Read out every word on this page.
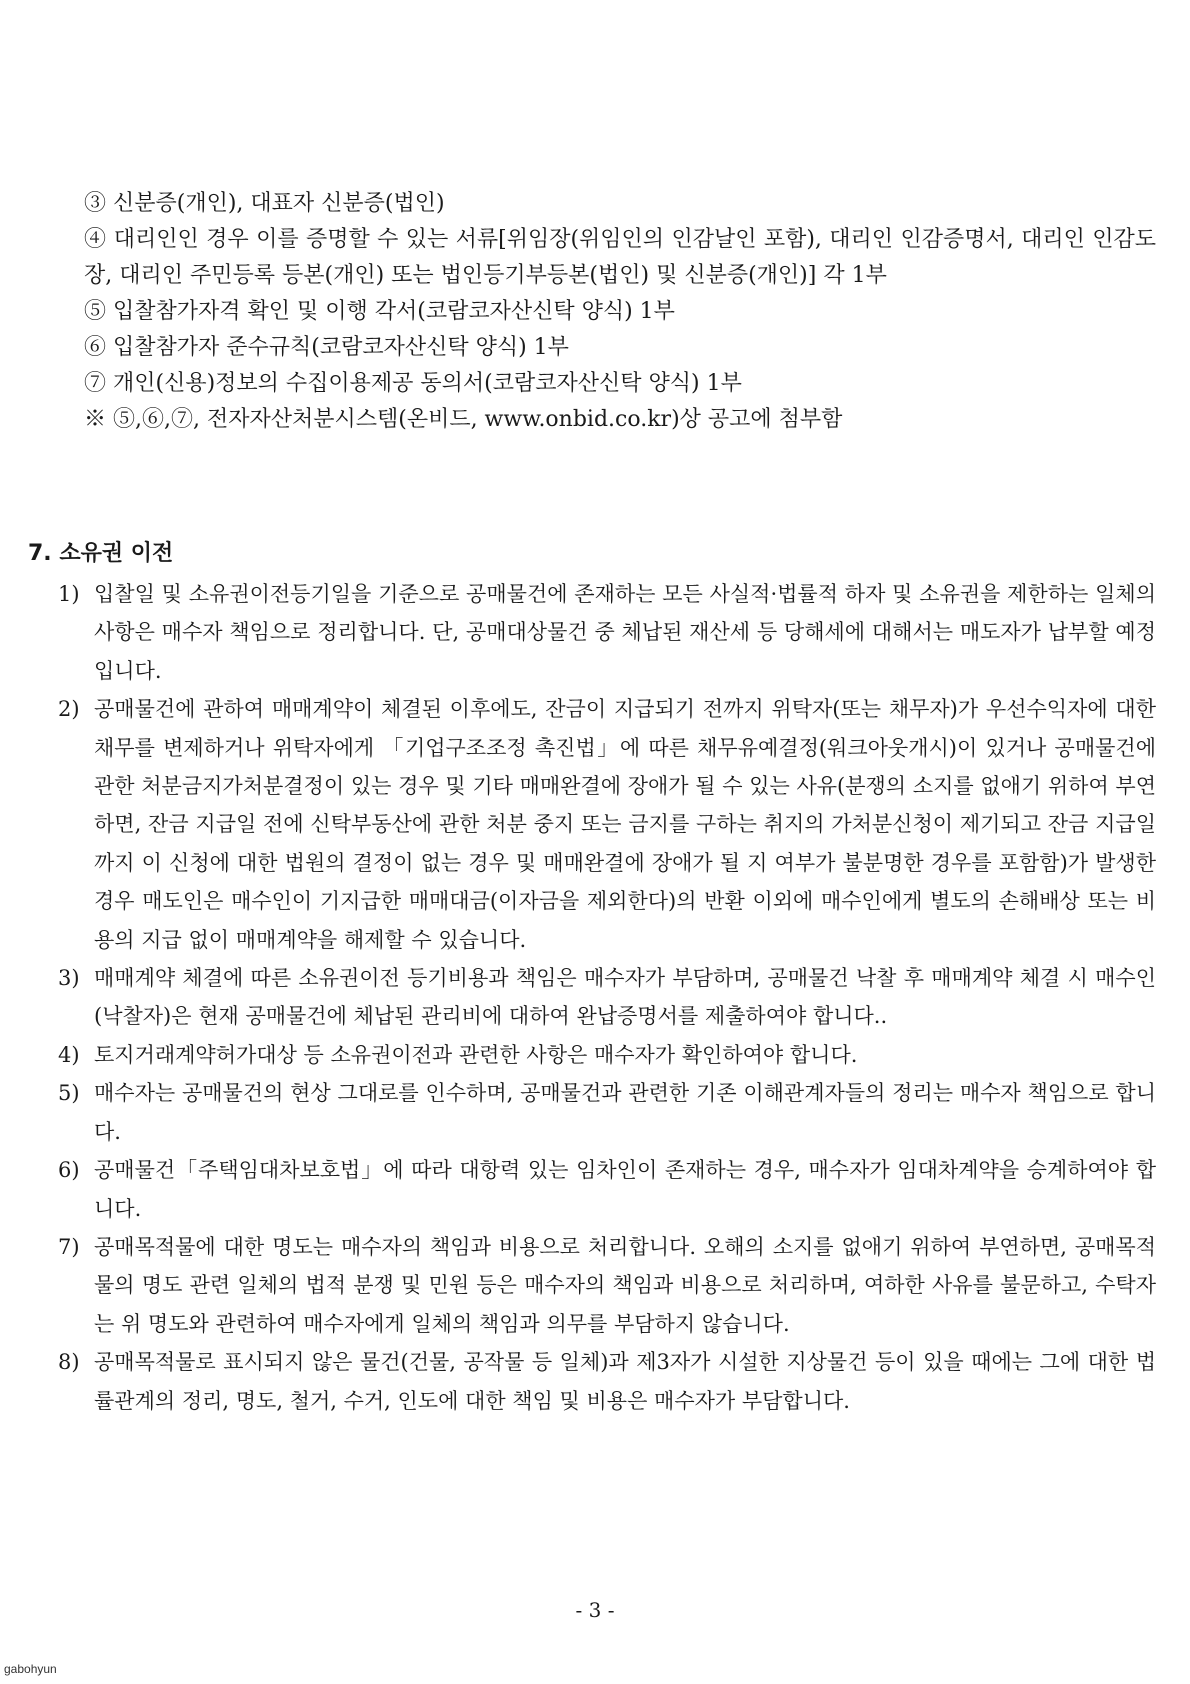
③ 신분증(개인), 대표자 신분증(법인)

④ 대리인인 경우 이를 증명할 수 있는 서류[위임장(위임인의 인감날인 포함), 대리인 인감증명서, 대리인 인감도장, 대리인 주민등록 등본(개인) 또는 법인등기부등본(법인) 및 신분증(개인)] 각 1부

⑤ 입찰참가자격 확인 및 이행 각서(코람코자산신탁 양식) 1부

⑥ 입찰참가자 준수규칙(코람코자산신탁 양식) 1부

⑦ 개인(신용)정보의 수집이용제공 동의서(코람코자산신탁 양식) 1부

※ ⑤,⑥,⑦, 전자자산처분시스템(온비드, www.onbid.co.kr)상 공고에 첨부함

7. 소유권 이전

1) 입찰일 및 소유권이전등기일을 기준으로 공매물건에 존재하는 모든 사실적·법률적 하자 및 소유권을 제한하는 일체의 사항은 매수자 책임으로 정리합니다. 단, 공매대상물건 중 체납된 재산세 등 당해세에 대해서는 매도자가 납부할 예정입니다.

2) 공매물건에 관하여 매매계약이 체결된 이후에도, 잔금이 지급되기 전까지 위탁자(또는 채무자)가 우선수익자에 대한 채무를 변제하거나 위탁자에게 「기업구조조정 촉진법」에 따른 채무유예결정(워크아웃개시)이 있거나 공매물건에 관한 처분금지가처분결정이 있는 경우 및 기타 매매완결에 장애가 될 수 있는 사유(분쟁의 소지를 없애기 위하여 부연하면, 잔금 지급일 전에 신탁부동산에 관한 처분 중지 또는 금지를 구하는 취지의 가처분신청이 제기되고 잔금 지급일까지 이 신청에 대한 법원의 결정이 없는 경우 및 매매완결에 장애가 될 지 여부가 불분명한 경우를 포함함)가 발생한 경우 매도인은 매수인이 기지급한 매매대금(이자금을 제외한다)의 반환 이외에 매수인에게 별도의 손해배상 또는 비용의 지급 없이 매매계약을 해제할 수 있습니다.

3) 매매계약 체결에 따른 소유권이전 등기비용과 책임은 매수자가 부담하며, 공매물건 낙찰 후 매매계약 체결 시 매수인(낙찰자)은 현재 공매물건에 체납된 관리비에 대하여 완납증명서를 제출하여야 합니다..

4) 토지거래계약허가대상 등 소유권이전과 관련한 사항은 매수자가 확인하여야 합니다.

5) 매수자는 공매물건의 현상 그대로를 인수하며, 공매물건과 관련한 기존 이해관계자들의 정리는 매수자 책임으로 합니다.

6) 공매물건「주택임대차보호법」에 따라 대항력 있는 임차인이 존재하는 경우, 매수자가 임대차계약을 승계하여야 합니다.

7) 공매목적물에 대한 명도는 매수자의 책임과 비용으로 처리합니다. 오해의 소지를 없애기 위하여 부연하면, 공매목적물의 명도 관련 일체의 법적 분쟁 및 민원 등은 매수자의 책임과 비용으로 처리하며, 여하한 사유를 불문하고, 수탁자는 위 명도와 관련하여 매수자에게 일체의 책임과 의무를 부담하지 않습니다.

8) 공매목적물로 표시되지 않은 물건(건물, 공작물 등 일체)과 제3자가 시설한 지상물건 등이 있을 때에는 그에 대한 법률관계의 정리, 명도, 철거, 수거, 인도에 대한 책임 및 비용은 매수자가 부담합니다.

- 3 -
gabohyun
